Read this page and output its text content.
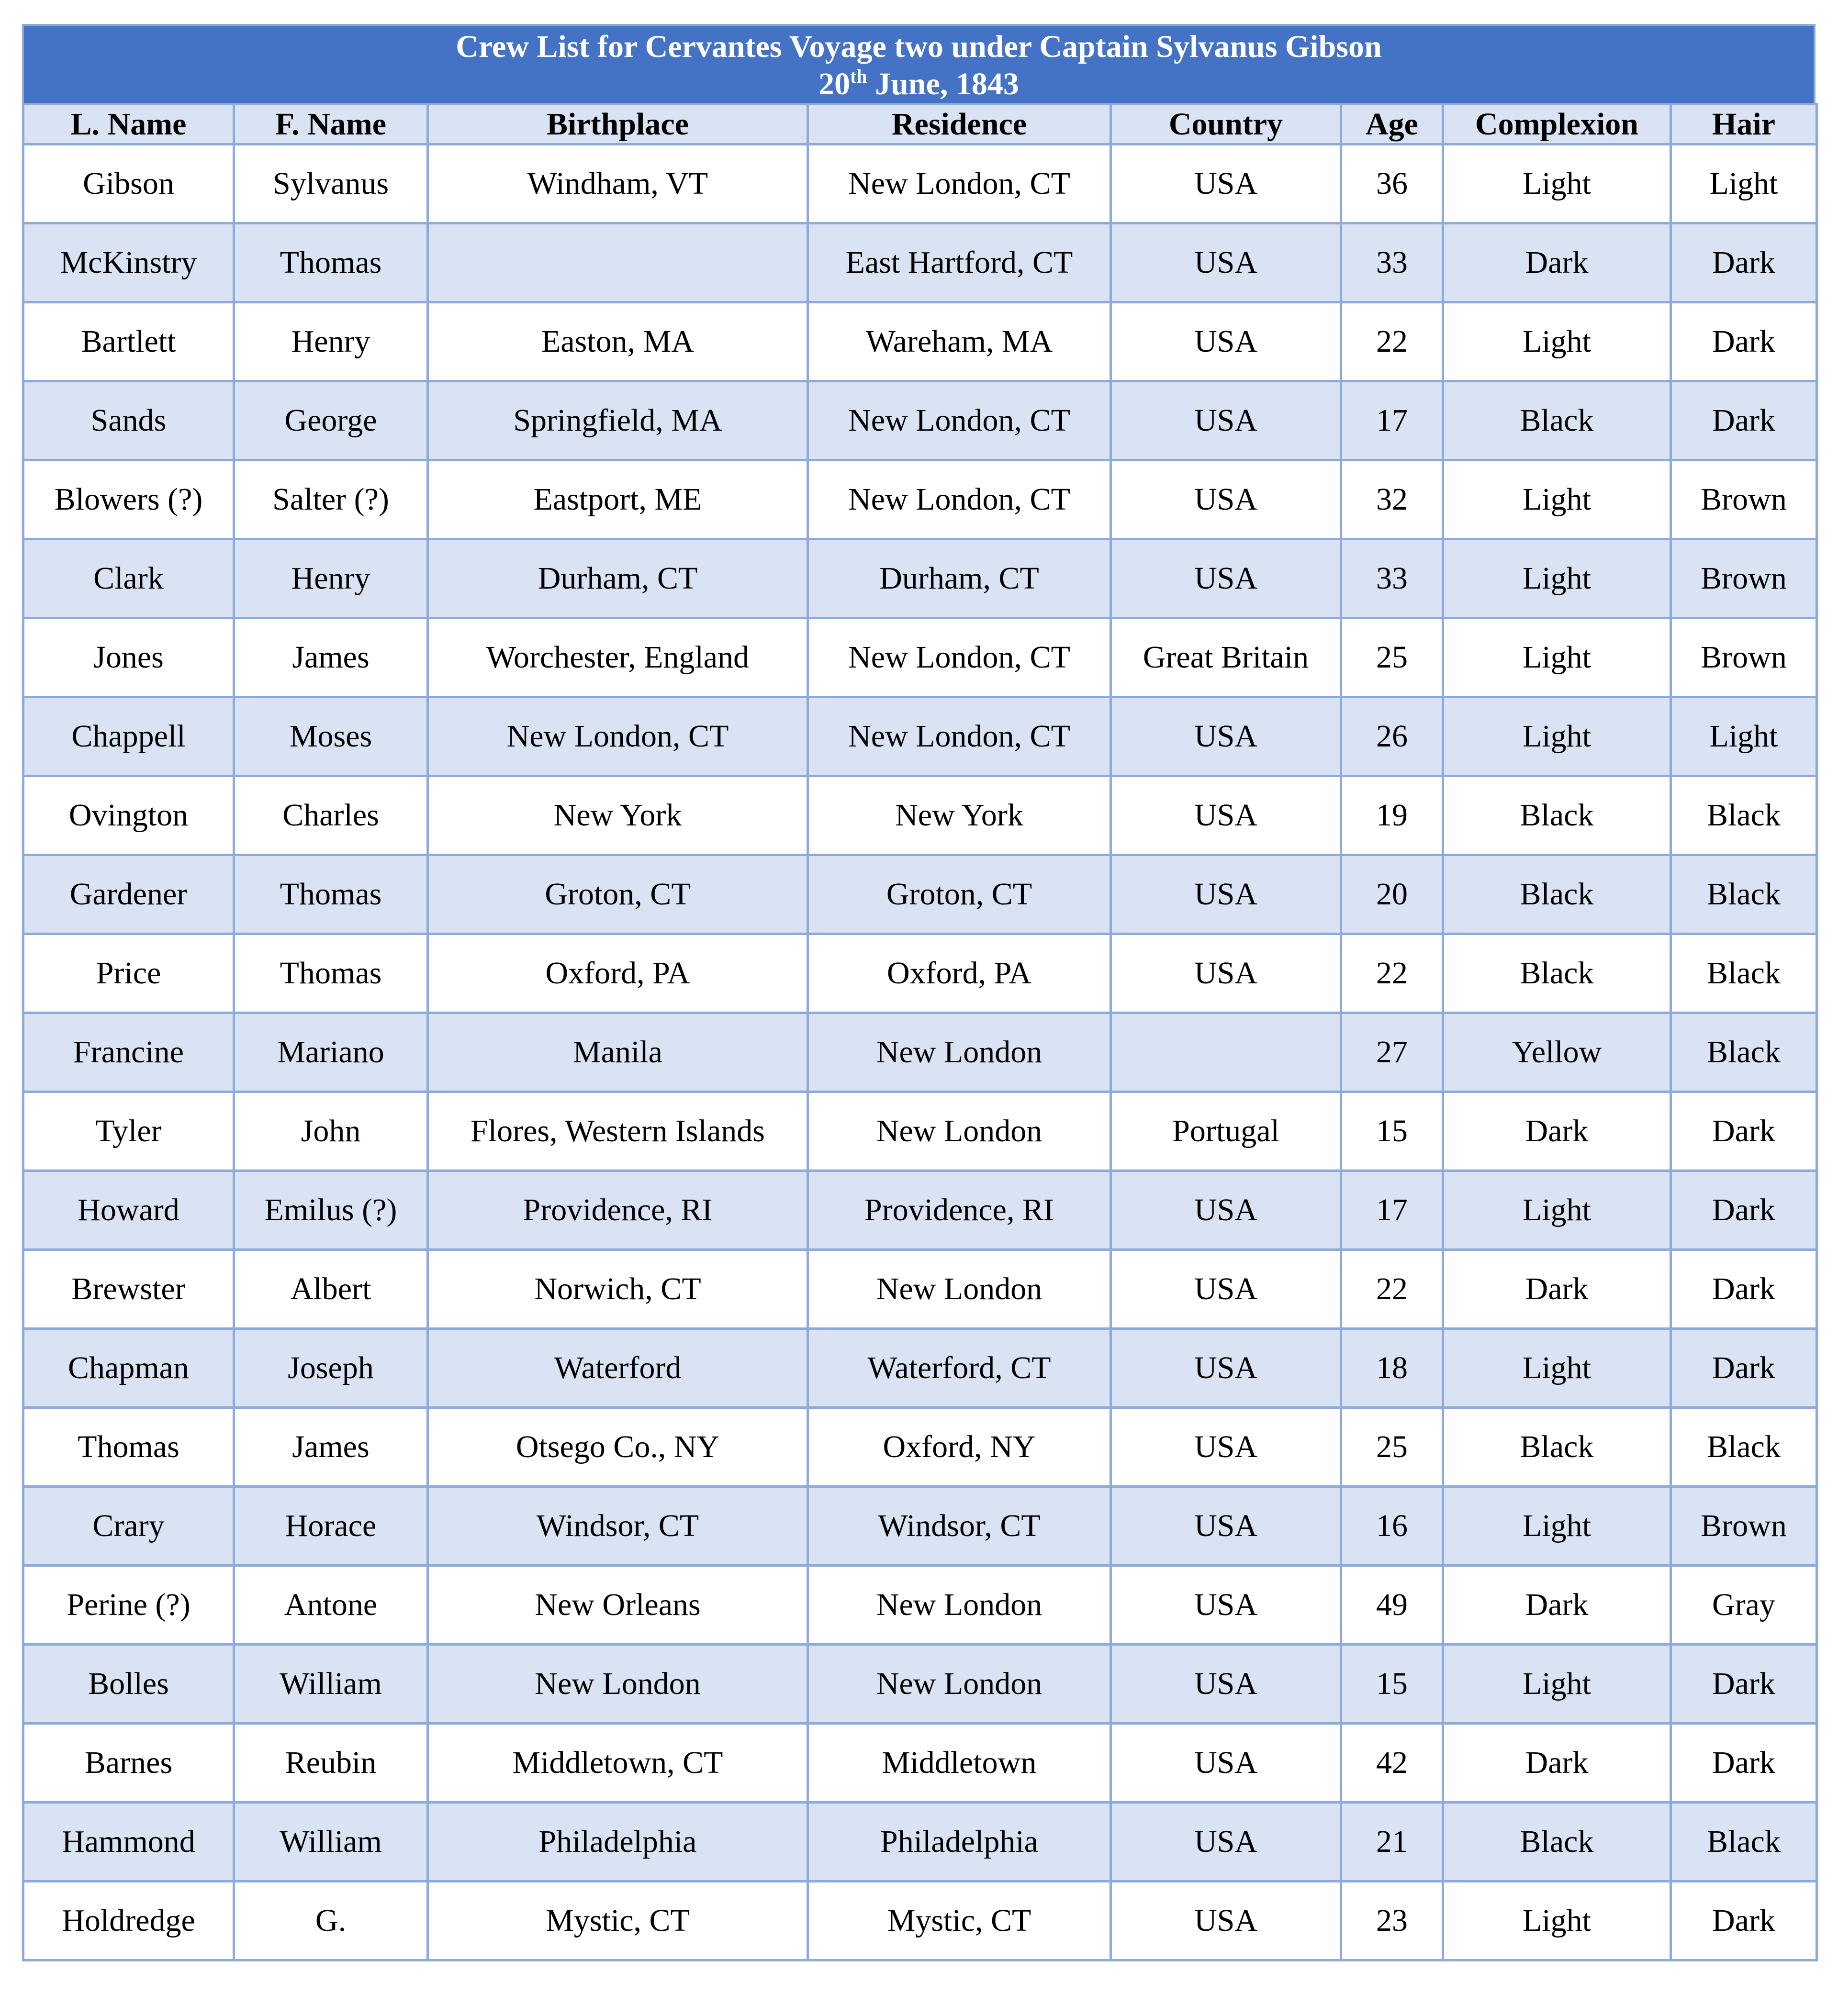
Crew List for Cervantes Voyage two under Captain Sylvanus Gibson
20th June, 1843
L. Name	F. Name	Birthplace	Residence	Country	Age	Complexion	Hair
Gibson	Sylvanus	Windham, VT	New London, CT	USA	36	Light	Light
McKinstry	Thomas		East Hartford, CT	USA	33	Dark	Dark
Bartlett	Henry	Easton, MA	Wareham, MA	USA	22	Light	Dark
Sands	George	Springfield, MA	New London, CT	USA	17	Black	Dark
Blowers (?)	Salter (?)	Eastport, ME	New London, CT	USA	32	Light	Brown
Clark	Henry	Durham, CT	Durham, CT	USA	33	Light	Brown
Jones	James	Worchester, England	New London, CT	Great Britain	25	Light	Brown
Chappell	Moses	New London, CT	New London, CT	USA	26	Light	Light
Ovington	Charles	New York	New York	USA	19	Black	Black
Gardener	Thomas	Groton, CT	Groton, CT	USA	20	Black	Black
Price	Thomas	Oxford, PA	Oxford, PA	USA	22	Black	Black
Francine	Mariano	Manila	New London		27	Yellow	Black
Tyler	John	Flores, Western Islands	New London	Portugal	15	Dark	Dark
Howard	Emilus (?)	Providence, RI	Providence, RI	USA	17	Light	Dark
Brewster	Albert	Norwich, CT	New London	USA	22	Dark	Dark
Chapman	Joseph	Waterford	Waterford, CT	USA	18	Light	Dark
Thomas	James	Otsego Co., NY	Oxford, NY	USA	25	Black	Black
Crary	Horace	Windsor, CT	Windsor, CT	USA	16	Light	Brown
Perine (?)	Antone	New Orleans	New London	USA	49	Dark	Gray
Bolles	William	New London	New London	USA	15	Light	Dark
Barnes	Reubin	Middletown, CT	Middletown	USA	42	Dark	Dark
Hammond	William	Philadelphia	Philadelphia	USA	21	Black	Black
Holdredge	G.	Mystic, CT	Mystic, CT	USA	23	Light	Dark
